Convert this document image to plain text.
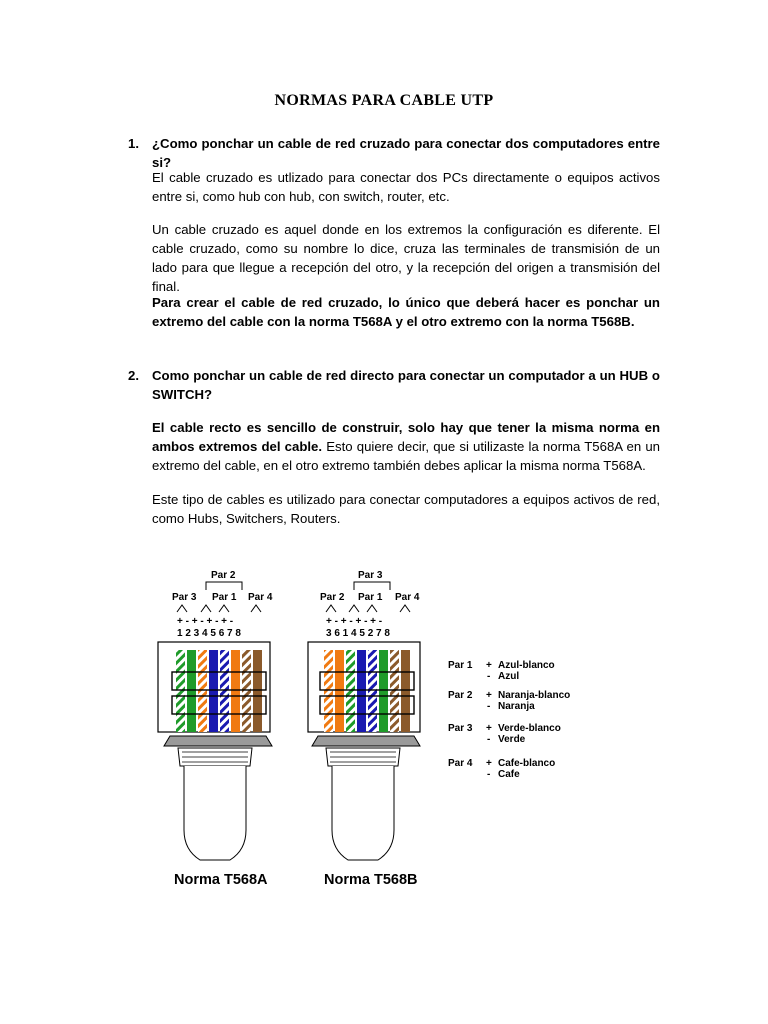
NORMAS PARA CABLE UTP
1. ¿Como ponchar un cable de red cruzado para conectar dos computadores entre si?
El cable cruzado es utlizado para conectar dos PCs directamente o equipos activos entre si, como hub con hub, con switch, router, etc.
Un cable cruzado es aquel donde en los extremos la configuración es diferente. El cable cruzado, como su nombre lo dice, cruza las terminales de transmisión de un lado para que llegue a recepción del otro, y la recepción del origen a transmisión del final.
Para crear el cable de red cruzado, lo único que deberá hacer es ponchar un extremo del cable con la norma T568A y el otro extremo con la norma T568B.
2. Como ponchar un cable de red directo para conectar un computador a un HUB o SWITCH?
El cable recto es sencillo de construir, solo hay que tener la misma norma en ambos extremos del cable. Esto quiere decir, que si utilizaste la norma T568A en un extremo del cable, en el otro extremo también debes aplicar la misma norma T568A.
Este tipo de cables es utilizado para conectar computadores a equipos activos de red, como Hubs, Switchers, Routers.
Par 2
Par 3 Par 1 Par 4
+ - + - + - + -
1 2 3 4 5 6 7 8
Norma T568A
Par 3
Par 2 Par 1 Par 4
+ - + - + - + -
3 6 1 4 5 2 7 8
Norma T568B
Par 1 + Azul-blanco
- Azul
Par 2 + Naranja-blanco
- Naranja
Par 3 + Verde-blanco
- Verde
Par 4 + Cafe-blanco
- Cafe
